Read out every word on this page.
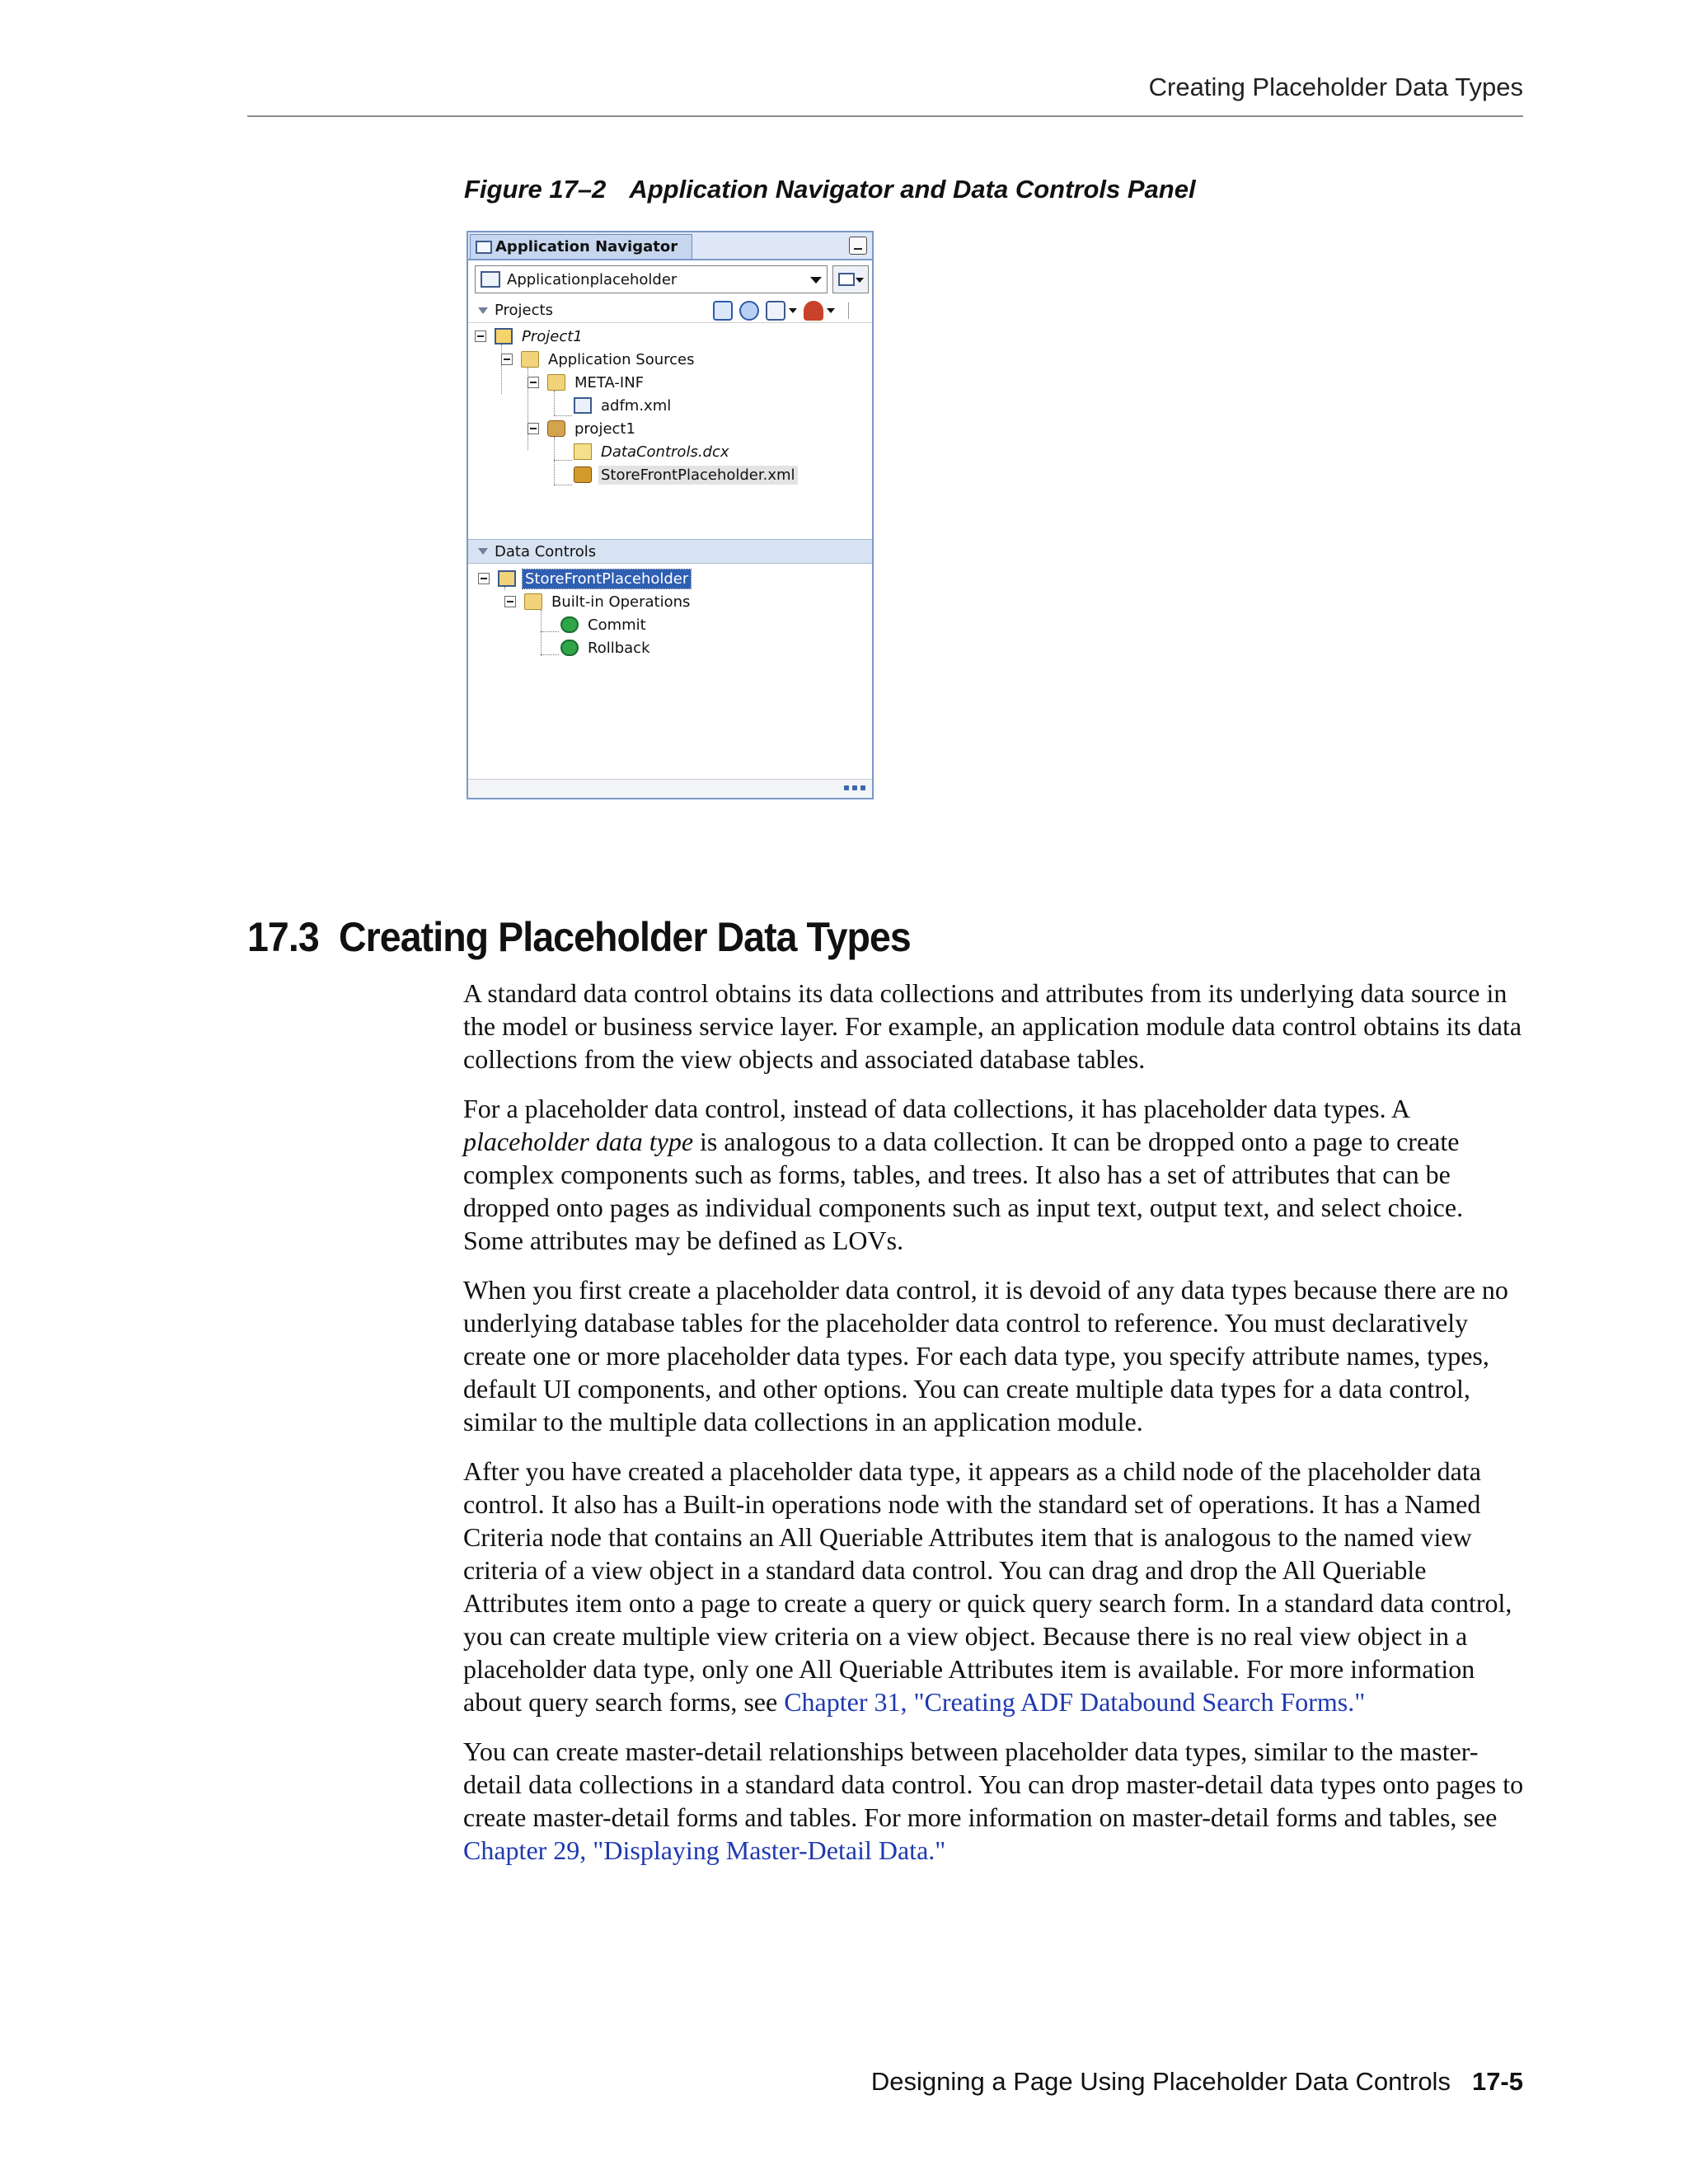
Creating Placeholder Data Types
Figure 17–2 Application Navigator and Data Controls Panel
Application Navigator
Applicationplaceholder
Projects
Project1
Application Sources
META-INF
adfm.xml
project1
DataControls.dcx
StoreFrontPlaceholder.xml
Data Controls
StoreFrontPlaceholder
Built-in Operations
Commit
Rollback
17.3 Creating Placeholder Data Types

A standard data control obtains its data collections and attributes from its underlying data source in the model or business service layer. For example, an application module data control obtains its data collections from the view objects and associated database tables.

For a placeholder data control, instead of data collections, it has placeholder data types. A placeholder data type is analogous to a data collection. It can be dropped onto a page to create complex components such as forms, tables, and trees. It also has a set of attributes that can be dropped onto pages as individual components such as input text, output text, and select choice. Some attributes may be defined as LOVs.

When you first create a placeholder data control, it is devoid of any data types because there are no underlying database tables for the placeholder data control to reference. You must declaratively create one or more placeholder data types. For each data type, you specify attribute names, types, default UI components, and other options. You can create multiple data types for a data control, similar to the multiple data collections in an application module.

After you have created a placeholder data type, it appears as a child node of the placeholder data control. It also has a Built-in operations node with the standard set of operations. It has a Named Criteria node that contains an All Queriable Attributes item that is analogous to the named view criteria of a view object in a standard data control. You can drag and drop the All Queriable Attributes item onto a page to create a query or quick query search form. In a standard data control, you can create multiple view criteria on a view object. Because there is no real view object in a placeholder data type, only one All Queriable Attributes item is available. For more information about query search forms, see Chapter 31, "Creating ADF Databound Search Forms."

You can create master-detail relationships between placeholder data types, similar to the master-detail data collections in a standard data control. You can drop master-detail data types onto pages to create master-detail forms and tables. For more information on master-detail forms and tables, see Chapter 29, "Displaying Master-Detail Data."

Designing a Page Using Placeholder Data Controls 17-5
